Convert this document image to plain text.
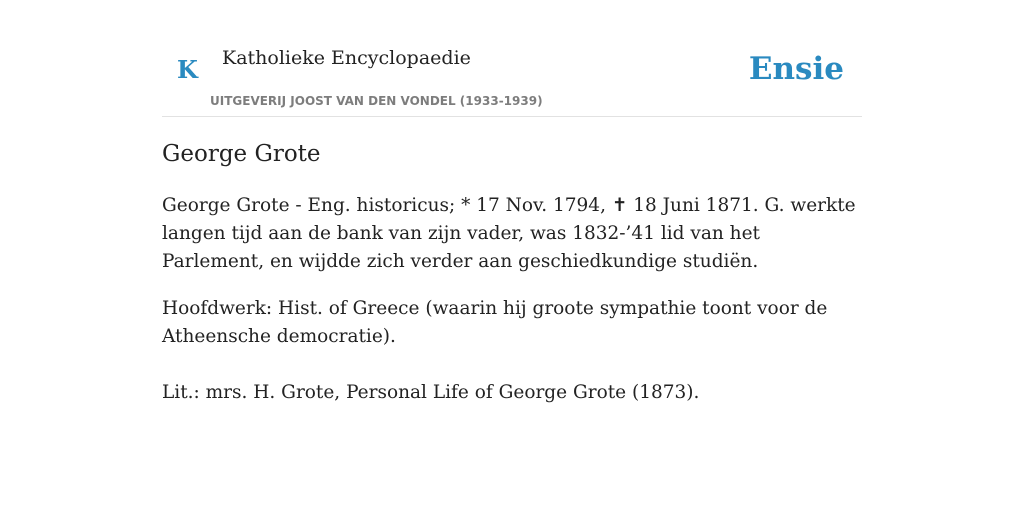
K Katholieke Encyclopaedie
UITGEVERIJ JOOST VAN DEN VONDEL (1933-1939)
Ensie
George Grote

George Grote - Eng. historicus; * 17 Nov. 1794, ✝ 18 Juni 1871. G. werkte langen tijd aan de bank van zijn vader, was 1832-’41 lid van het Parlement, en wijdde zich verder aan geschiedkundige studiën.

Hoofdwerk: Hist. of Greece (waarin hij groote sympathie toont voor de Atheensche democratie).

Lit.: mrs. H. Grote, Personal Life of George Grote (1873).
